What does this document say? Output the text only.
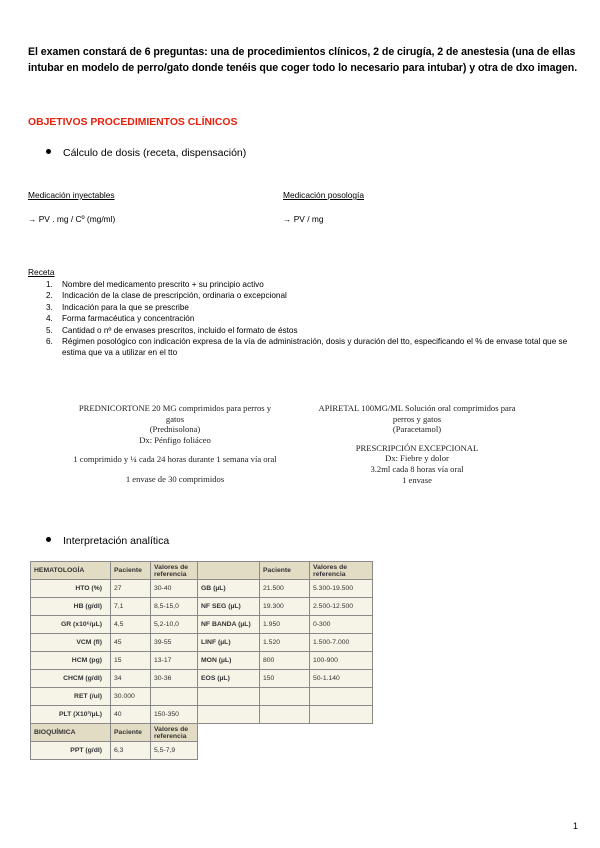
El examen constará de 6 preguntas: una de procedimientos clínicos, 2 de cirugía, 2 de anestesia (una de ellas intubar en modelo de perro/gato donde tenéis que coger todo lo necesario para intubar) y otra de dxo imagen.
OBJETIVOS PROCEDIMIENTOS CLÍNICOS
Cálculo de dosis (receta, dispensación)
Medicación inyectables
→ PV . mg / Cº (mg/ml)
Medicación posología
→ PV / mg
Receta
1. Nombre del medicamento prescrito + su principio activo
2. Indicación de la clase de prescripción, ordinaria o excepcional
3. Indicación para la que se prescribe
4. Forma farmacéutica y concentración
5. Cantidad o nº de envases prescritos, incluido el formato de éstos
6. Régimen posológico con indicación expresa de la vía de administración, dosis y duración del tto, especificando el % de envase total que se estima que va a utilizar en el tto
PREDNICORTONE 20 MG comprimidos para perros y
gatos
(Prednisolona)
Dx: Pénfigo foliáceo
1 comprimido y ¼ cada 24 horas durante 1 semana vía oral
1 envase de 30 comprimidos
APIRETAL 100MG/ML Solución oral comprimidos para
perros y gatos
(Paracetamol)
PRESCRIPCIÓN EXCEPCIONAL
Dx: Fiebre y dolor
3.2ml cada 8 horas vía oral
1 envase
Interpretación analítica
HEMATOLOGÍA	Paciente	Valores de referencia		Paciente	Valores de referencia
HTO (%)	27	30-40	GB (µL)	21.500	5.300-19.500
HB (g/dl)	7,1	8,5-15,0	NF SEG (µL)	19.300	2.500-12.500
GR (x10⁶/µL)	4,5	5,2-10,0	NF BANDA (µL)	1.950	0-300
VCM (fl)	45	39-55	LINF (µL)	1.520	1.500-7.000
HCM (pg)	15	13-17	MON (µL)	800	100-900
CHCM (g/dl)	34	30-36	EOS (µL)	150	50-1.140
RET (/ul)	30.000				
PLT (X10³/µL)	40	150-350			
BIOQUÍMICA	Paciente	Valores de referencia			
PPT (g/dl)	6,3	5,5-7,9			
1
